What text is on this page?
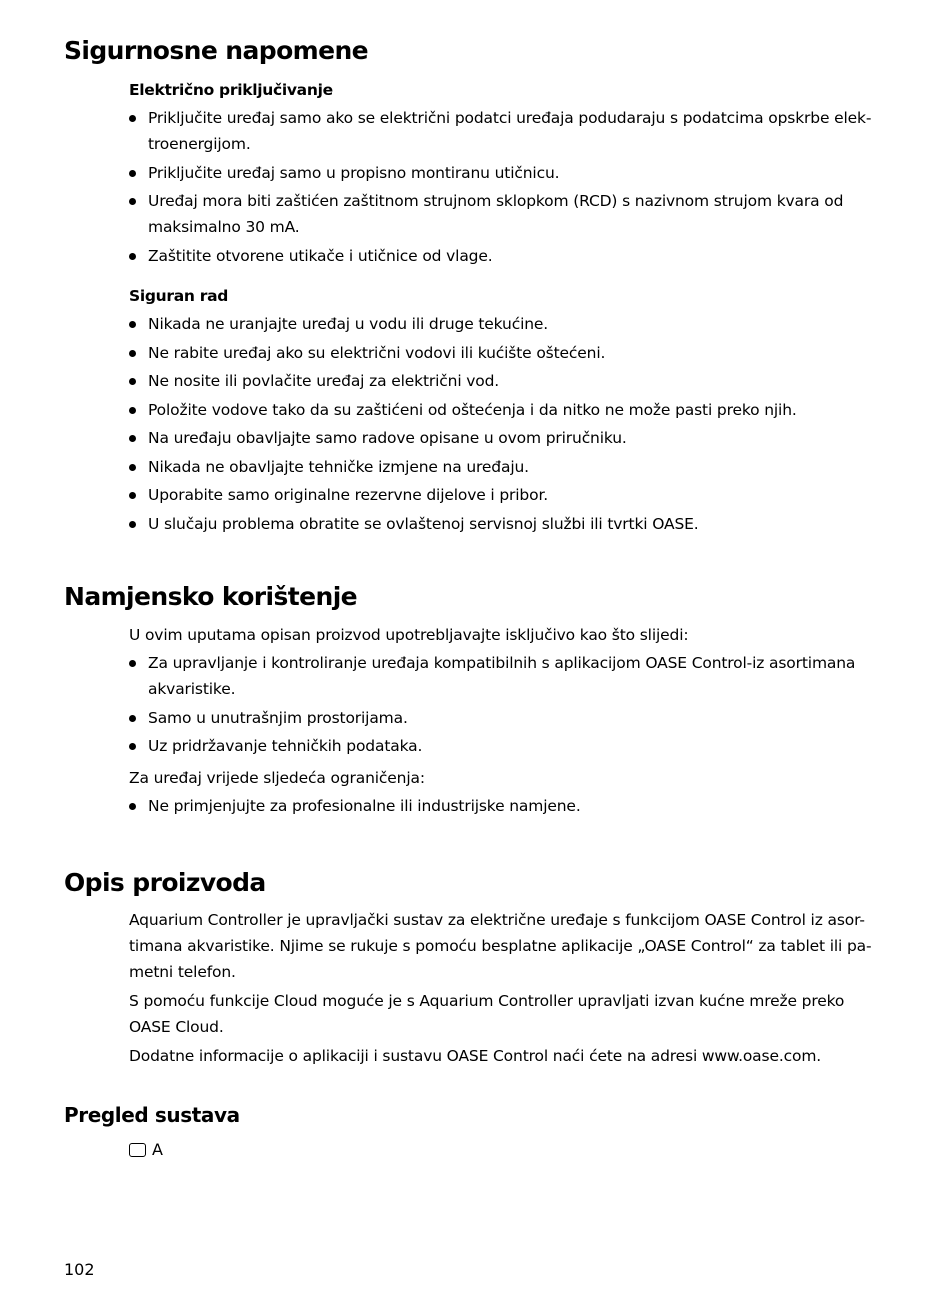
Sigurnosne napomene
Električno priključivanje
Priključite uređaj samo ako se električni podatci uređaja podudaraju s podatcima opskrbe elek-troenergijom.
Priključite uređaj samo u propisno montiranu utičnicu.
Uređaj mora biti zaštićen zaštitnom strujnom sklopkom (RCD) s nazivnom strujom kvara od maksimalno 30 mA.
Zaštitite otvorene utikače i utičnice od vlage.
Siguran rad
Nikada ne uranjajte uređaj u vodu ili druge tekućine.
Ne rabite uređaj ako su električni vodovi ili kućište oštećeni.
Ne nosite ili povlačite uređaj za električni vod.
Položite vodove tako da su zaštićeni od oštećenja i da nitko ne može pasti preko njih.
Na uređaju obavljajte samo radove opisane u ovom priručniku.
Nikada ne obavljajte tehničke izmjene na uređaju.
Uporabite samo originalne rezervne dijelove i pribor.
U slučaju problema obratite se ovlaštenoj servisnoj službi ili tvrtki OASE.
Namjensko korištenje

U ovim uputama opisan proizvod upotrebljavajte isključivo kao što slijedi:

Za upravljanje i kontroliranje uređaja kompatibilnih s aplikacijom OASE Control-iz asortimana akvaristike.
Samo u unutrašnjim prostorijama.
Uz pridržavanje tehničkih podataka.

Za uređaj vrijede sljedeća ograničenja:

Ne primjenjujte za profesionalne ili industrijske namjene.
Opis proizvoda

Aquarium Controller je upravljački sustav za električne uređaje s funkcijom OASE Control iz asor-timana akvaristike. Njime se rukuje s pomoću besplatne aplikacije „OASE Control“ za tablet ili pa-metni telefon.

S pomoću funkcije Cloud moguće je s Aquarium Controller upravljati izvan kućne mreže preko OASE Cloud.

Dodatne informacije o aplikaciji i sustavu OASE Control naći ćete na adresi www.oase.com.

Pregled sustava
A
102
